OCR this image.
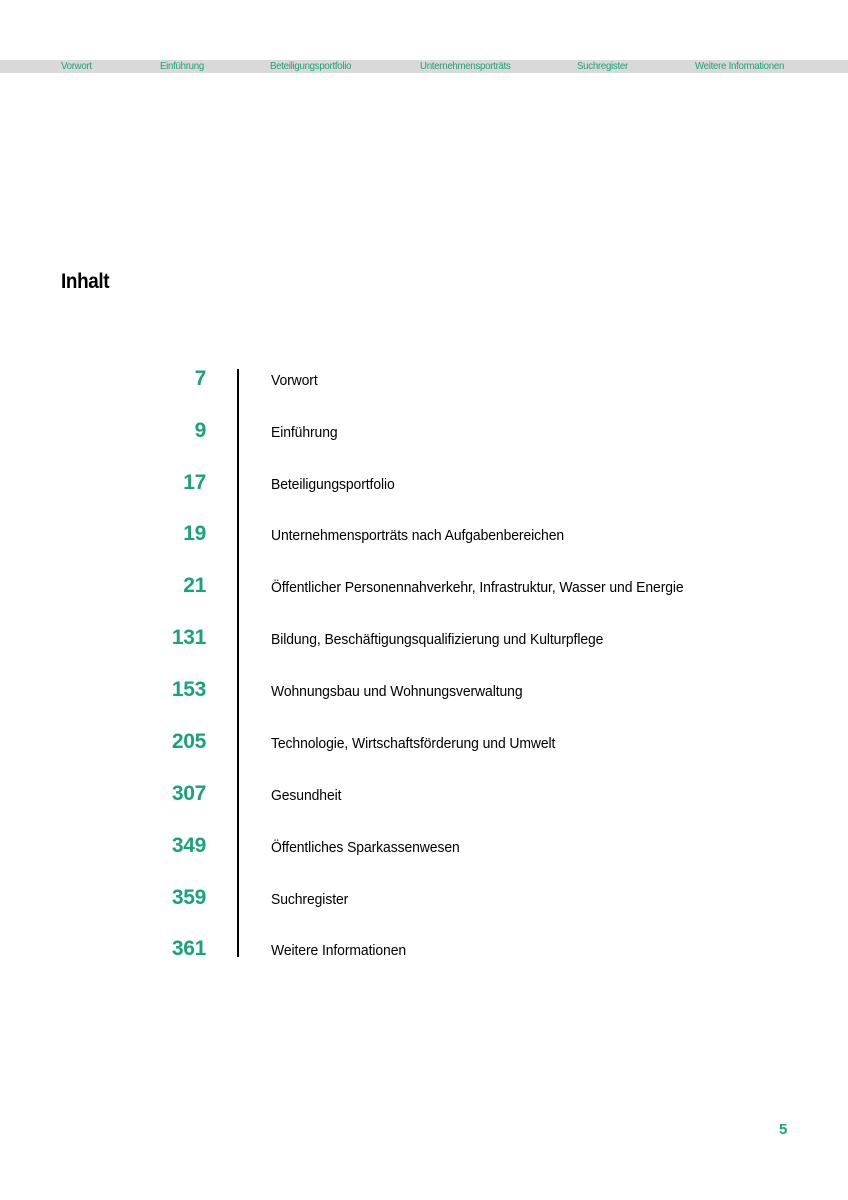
Vorwort	Einführung	Beteiligungsportfolio	Unternehmensporträts	Suchregister	Weitere Informationen
Inhalt
7	Vorwort
9	Einführung
17	Beteiligungsportfolio
19	Unternehmensporträts nach Aufgabenbereichen
21	Öffentlicher Personennahverkehr, Infrastruktur, Wasser und Energie
131	Bildung, Beschäftigungsqualifizierung und Kulturpflege
153	Wohnungsbau und Wohnungsverwaltung
205	Technologie, Wirtschaftsförderung und Umwelt
307	Gesundheit
349	Öffentliches Sparkassenwesen
359	Suchregister
361	Weitere Informationen
5
